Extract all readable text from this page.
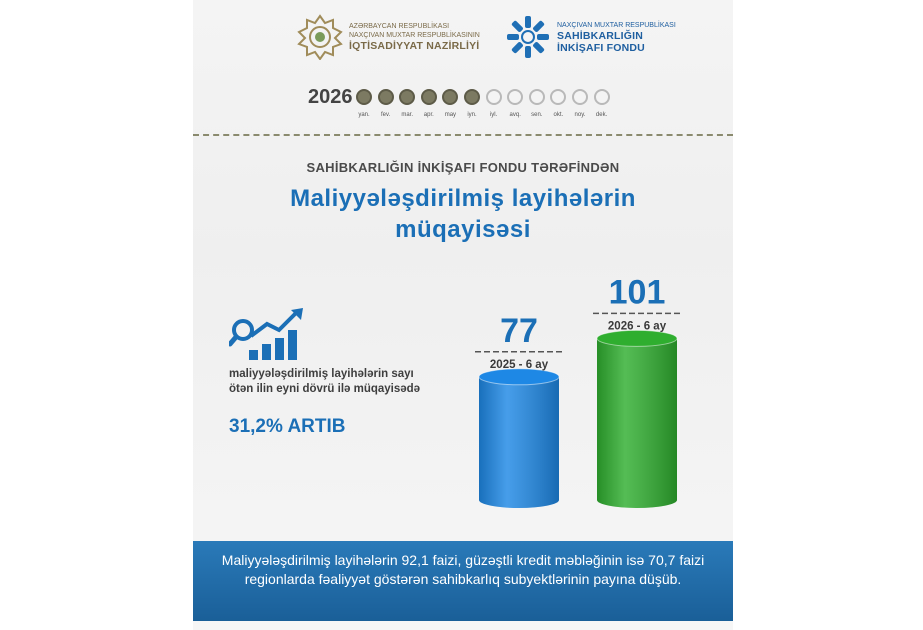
AZƏRBAYCAN RESPUBLİKASI
NAXÇIVAN MUXTAR RESPUBLİKASININ
İQTİSADİYYAT NAZİRLİYİ
NAXÇIVAN MUXTAR RESPUBLİKASI
SAHİBKARLIĞIN
İNKİŞAFI FONDU
2026
yan.	fev.	mar.	apr.	may	iyn.	iyl.	avq.	sen.	okt.	noy.	dek.
SAHİBKARLIĞIN İNKİŞAFI FONDU TƏRƏFİNDƏN
Maliyyələşdirilmiş layihələrin
müqayisəsi
maliyyələşdirilmiş layihələrin sayı ötən ilin eyni dövrü ilə müqayisədə
31,2% ARTIB
77
2025 - 6 ay
101
2026 - 6 ay
Maliyyələşdirilmiş layihələrin 92,1 faizi, güzəştli kredit məbləğinin isə 70,7 faizi regionlarda fəaliyyət göstərən sahibkarlıq subyektlərinin payına düşüb.
